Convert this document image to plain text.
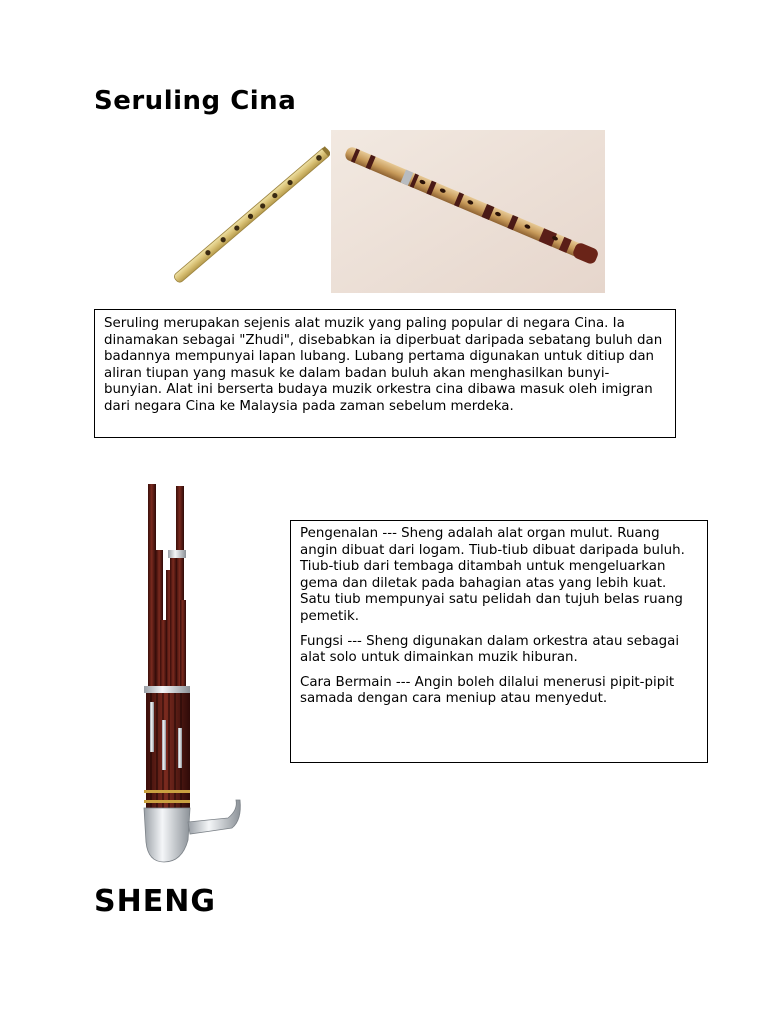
Seruling Cina
Seruling merupakan sejenis alat muzik yang paling popular di negara Cina. Ia dinamakan sebagai "Zhudi", disebabkan ia diperbuat daripada sebatang buluh dan badannya mempunyai lapan lubang. Lubang pertama digunakan untuk ditiup dan aliran tiupan yang masuk ke dalam badan buluh akan menghasilkan bunyi-bunyian. Alat ini berserta budaya muzik orkestra cina dibawa masuk oleh imigran dari negara Cina ke Malaysia pada zaman sebelum merdeka.

Pengenalan --- Sheng adalah alat organ mulut. Ruang angin dibuat dari logam. Tiub-tiub dibuat daripada buluh. Tiub-tiub dari tembaga ditambah untuk mengeluarkan gema dan diletak pada bahagian atas yang lebih kuat. Satu tiub mempunyai satu pelidah dan tujuh belas ruang pemetik.

Fungsi --- Sheng digunakan dalam orkestra atau sebagai alat solo untuk dimainkan muzik hiburan.

Cara Bermain --- Angin boleh dilalui menerusi pipit-pipit samada dengan cara meniup atau menyedut.

SHENG
